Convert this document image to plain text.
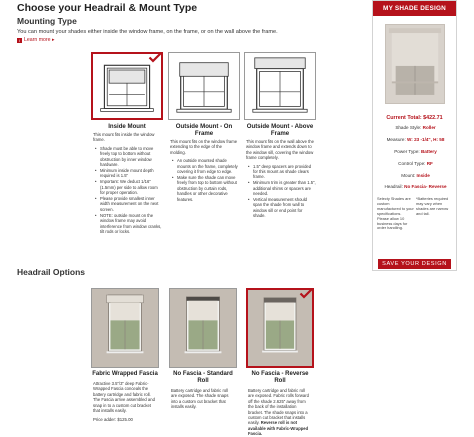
Choose your Headrail & Mount Type
Mounting Type

You can mount your shades either inside the window frame, on the frame, or on the wall above the frame.

i Learn more ▸
Inside Mount

This mount fits inside the window frame.

• Shade must be able to move freely top to bottom without obstruction by inner window hardware.
• Minimum inside mount depth required is 1.5"
• Important: We deduct 1/16" (1.5mm) per side to allow room for proper operation.
• Please provide smallest inner width measurement on the next screen.
• NOTE: outside mount on the window frame may avoid interference from window cranks, tilt rods or locks.
Outside Mount - On Frame

This mount fits on the window frame extending to the edge of the molding.

• An outside mounted shade mounts on the frame, completely covering it from edge to edge.
• Make sure the shade can move freely from top to bottom without obstruction by curtain rods, handles or other decorative features.
Outside Mount - Above Frame

This mount fits on the wall above the window frame and extends down to the window sill, covering the window frame completely.

• 1.5" deep spacers are provided for this mount as shade clears frame.
• Minimum trim is greater than 1.5", additional shims or spacers are needed.
• Vertical measurement should span the shade from wall to window sill or end point for shade.
Headrail Options
Fabric Wrapped Fascia

Attractive 3.5"/3" deep Fabric-Wrapped Fascia conceals the battery cartridge and fabric roll. The Fascia arrive assembled and snap in to a custom cut bracket that installs easily.

Price adder: $125.00

No Fascia - Standard Roll

Battery cartridge and fabric roll are exposed. The shade snaps into a custom cut bracket that installs easily.

No Fascia - Reverse Roll

Battery cartridge and fabric roll are exposed. Fabric rolls forward off the shade 2.625" away from the back of the installation bracket. The shade snaps into a custom cut bracket that installs easily. Reverse roll is not available with Fabric-Wrapped Fascia.

MY SHADE DESIGN
Current Total: $422.71
Shade Style: Roller
Measure: W: 23 -1/4", H: 58
Power Type: Battery
Control Type: RF
Mount: Inside
Headrail: No Fascia- Reverse

Selecty Shades are custom manufactured to your specifications. Please allow 10 business days for order handling.

*Batteries required may vary when shades are narrow and tall.

SAVE YOUR DESIGN
